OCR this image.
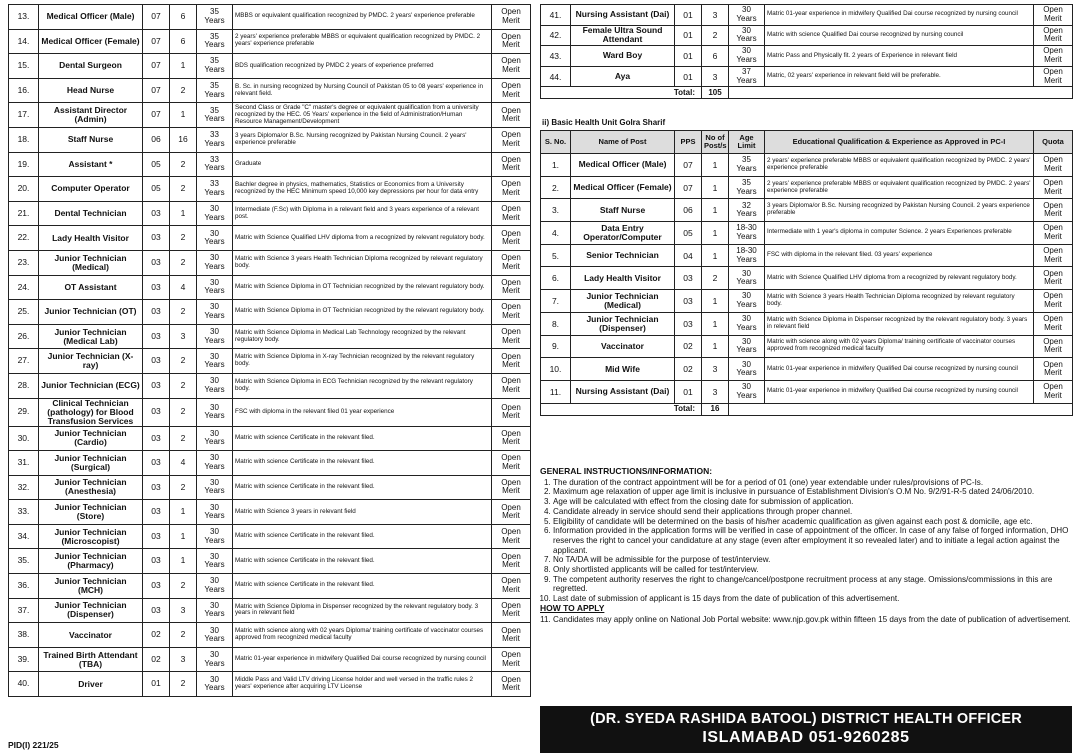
13.	Medical Officer (Male)	07	6	35 Years	MBBS or equivalent qualification recognized by PMDC. 2 years' experience preferable	Open Merit
14.	Medical Officer (Female)	07	6	35 Years	2 years' experience preferable MBBS or equivalent qualification recognized by PMDC. 2 years' experience preferable	Open Merit
15.	Dental Surgeon	07	1	35 Years	BDS qualification recognized by PMDC 2 years of experience preferred	Open Merit
16.	Head Nurse	07	2	35 Years	B. Sc. in nursing recognized by Nursing Council of Pakistan 05 to 08 years' experience in relevant field.	Open Merit
17.	Assistant Director (Admin)	07	1	35 Years	Second Class or Grade "C" master's degree or equivalent qualification from a university recognized by the HEC. 05 Years' experience in the field of Administration/Human Resource Management/Development	Open Merit
18.	Staff Nurse	06	16	33 Years	3 years Diploma/or B.Sc. Nursing recognized by Pakistan Nursing Council. 2 years' experience preferable	Open Merit
19.	Assistant *	05	2	33 Years	Graduate	Open Merit
20.	Computer Operator	05	2	33 Years	Bachler degree in physics, mathematics, Statistics or Economics from a University recognized by the HEC Minimum speed 10,000 key depressions per hour for data entry	Open Merit
21.	Dental Technician	03	1	30 Years	Intermediate (F.Sc) with Diploma in a relevant field and 3 years experience of a relevant post.	Open Merit
22.	Lady Health Visitor	03	2	30 Years	Matric with Science Qualified LHV diploma from a recognized by relevant regulatory body.	Open Merit
23.	Junior Technician (Medical)	03	2	30 Years	Matric with Science 3 years Health Technician Diploma recognized by relevant regulatory body.	Open Merit
24.	OT Assistant	03	4	30 Years	Matric with Science Diploma in OT Technician recognized by the relevant regulatory body.	Open Merit
25.	Junior Technician (OT)	03	2	30 Years	Matric with Science Diploma in OT Technician recognized by the relevant regulatory body.	Open Merit
26.	Junior Technician (Medical Lab)	03	3	30 Years	Matric with Science Diploma in Medical Lab Technology recognized by the relevant regulatory body.	Open Merit
27.	Junior Technician (X- ray)	03	2	30 Years	Matric with Science Diploma in X-ray Technician recognized by the relevant regulatory body.	Open Merit
28.	Junior Technician (ECG)	03	2	30 Years	Matric with Science Diploma in ECG Technician recognized by the relevant regulatory body.	Open Merit
29.	Clinical Technician (pathology) for Blood Transfusion Services	03	2	30 Years	FSC with diploma in the relevant filed 01 year experience	Open Merit
30.	Junior Technician (Cardio)	03	2	30 Years	Matric with science Certificate in the relevant filed.	Open Merit
31.	Junior Technician (Surgical)	03	4	30 Years	Matric with science Certificate in the relevant filed.	Open Merit
32.	Junior Technician (Anesthesia)	03	2	30 Years	Matric with science Certificate in the relevant filed.	Open Merit
33.	Junior Technician (Store)	03	1	30 Years	Matric with Science 3 years in relevant field	Open Merit
34.	Junior Technician (Microscopist)	03	1	30 Years	Matric with science Certificate in the relevant filed.	Open Merit
35.	Junior Technician (Pharmacy)	03	1	30 Years	Matric with science Certificate in the relevant filed.	Open Merit
36.	Junior Technician (MCH)	03	2	30 Years	Matric with science Certificate in the relevant filed.	Open Merit
37.	Junior Technician (Dispenser)	03	3	30 Years	Matric with Science Diploma in Dispenser recognized by the relevant regulatory body. 3 years in relevant field	Open Merit
38.	Vaccinator	02	2	30 Years	Matric with science along with 02 years Diploma/ training certificate of vaccinator courses approved from recognized medical faculty	Open Merit
39.	Trained Birth Attendant (TBA)	02	3	30 Years	Matric 01-year experience in midwifery Qualified Dai course recognized by nursing council	Open Merit
40.	Driver	01	2	30 Years	Middle Pass and Valid LTV driving License holder and well versed in the traffic rules 2 years' experience after acquiring LTV License	Open Merit
41.	Nursing Assistant (Dai)	01	3	30 Years	Matric 01-year experience in midwifery Qualified Dai course recognized by nursing council	Open Merit
42.	Female Ultra Sound Attendant	01	2	30 Years	Matric with science Qualified Dai course recognized by nursing council	Open Merit
43.	Ward Boy	01	6	30 Years	Matric Pass and Physically fit. 2 years of Experience in relevant field	Open Merit
44.	Aya	01	3	37 Years	Matric, 02 years' experience in relevant field will be preferable.	Open Merit
Total:			105			
ii) Basic Health Unit Golra Sharif
S. No.	Name of Post	PPS	No of Post/s	Age Limit	Educational Qualification & Experience as Approved in PC-I	Quota
1.	Medical Officer (Male)	07	1	35 Years	2 years' experience preferable MBBS or equivalent qualification recognized by PMDC. 2 years' experience preferable	Open Merit
2.	Medical Officer (Female)	07	1	35 Years	2 years' experience preferable MBBS or equivalent qualification recognized by PMDC. 2 years' experience preferable	Open Merit
3.	Staff Nurse	06	1	32 Years	3 years Diploma/or B.Sc. Nursing recognized by Pakistan Nursing Council. 2 years experience preferable	Open Merit
4.	Data Entry Operator/Computer	05	1	18-30 Years	Intermediate with 1 year's diploma in computer Science. 2 years Experiences preferable	Open Merit
5.	Senior Technician	04	1	18-30 Years	FSC with diploma in the relevant filed. 03 years' experience	Open Merit
6.	Lady Health Visitor	03	2	30 Years	Matric with Science Qualified LHV diploma from a recognized by relevant regulatory body.	Open Merit
7.	Junior Technician (Medical)	03	1	30 Years	Matric with Science 3 years Health Technician Diploma recognized by relevant regulatory body.	Open Merit
8.	Junior Technician (Dispenser)	03	1	30 Years	Matric with Science Diploma in Dispenser recognized by the relevant regulatory body. 3 years in relevant field	Open Merit
9.	Vaccinator	02	1	30 Years	Matric with science along with 02 years Diploma/ training certificate of vaccinator courses approved from recognized medical faculty	Open Merit
10.	Mid Wife	02	3	30 Years	Matric 01-year experience in midwifery Qualified Dai course recognized by nursing council	Open Merit
11.	Nursing Assistant (Dai)	01	3	30 Years	Matric 01-year experience in midwifery Qualified Dai course recognized by nursing council	Open Merit
Total:			16			
GENERAL INSTRUCTIONS/INFORMATION:
1. The duration of the contract appointment will be for a period of 01 (one) year extendable under rules/provisions of PC-Is.
2. Maximum age relaxation of upper age limit is inclusive in pursuance of Establishment Division's O.M No. 9/2/91-R-5 dated 24/06/2010.
3. Age will be calculated with effect from the closing date for submission of application.
4. Candidate already in service should send their applications through proper channel.
5. Eligibility of candidate will be determined on the basis of his/her academic qualification as given against each post & domicile, age etc.
6. Information provided in the application forms will be verified in case of appointment of the officer. In case of any false of forged information, DHO reserves the right to cancel your candidature at any stage (even after employment it so revealed later) and to initiate a legal action against the applicant.
7. No TA/DA will be admissible for the purpose of test/interview.
8. Only shortlisted applicants will be called for test/interview.
9. The competent authority reserves the right to change/cancel/postpone recruitment process at any stage. Omissions/commissions in this are regretted.
10. Last date of submission of applicant is 15 days from the date of publication of this advertisement.
HOW TO APPLY
11. Candidates may apply online on National Job Portal website: www.njp.gov.pk within fifteen 15 days from the date of publication of advertisement.
(DR. SYEDA RASHIDA BATOOL) DISTRICT HEALTH OFFICER
ISLAMABAD 051-9260285
PID(I) 221/25
